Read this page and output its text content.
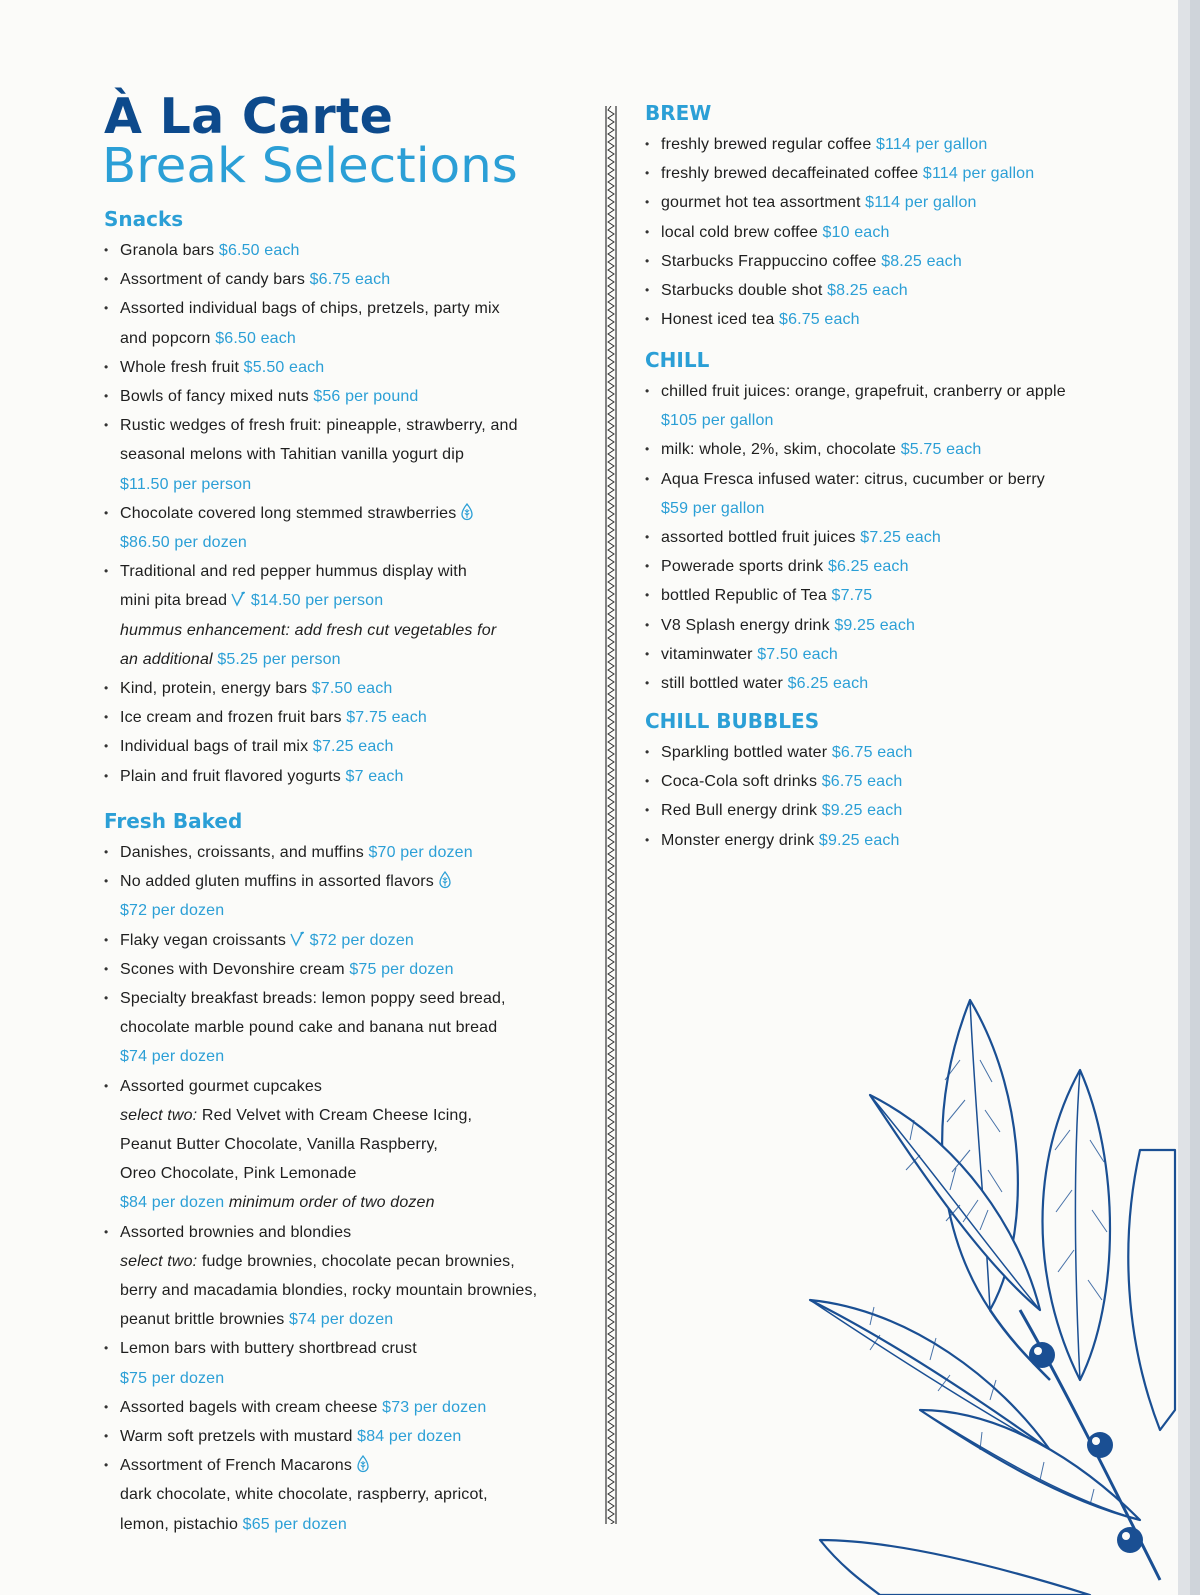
À La Carte
Break Selections
Snacks
• Granola bars $6.50 each
• Assortment of candy bars $6.75 each
• Assorted individual bags of chips, pretzels, party mix
and popcorn $6.50 each
• Whole fresh fruit $5.50 each
• Bowls of fancy mixed nuts $56 per pound
• Rustic wedges of fresh fruit: pineapple, strawberry, and
seasonal melons with Tahitian vanilla yogurt dip
$11.50 per person
• Chocolate covered long stemmed strawberries
$86.50 per dozen
• Traditional and red pepper hummus display with
mini pita bread $14.50 per person
hummus enhancement: add fresh cut vegetables for
an additional $5.25 per person
• Kind, protein, energy bars $7.50 each
• Ice cream and frozen fruit bars $7.75 each
• Individual bags of trail mix $7.25 each
• Plain and fruit flavored yogurts $7 each
Fresh Baked
• Danishes, croissants, and muffins $70 per dozen
• No added gluten muffins in assorted flavors
$72 per dozen
• Flaky vegan croissants $72 per dozen
• Scones with Devonshire cream $75 per dozen
• Specialty breakfast breads: lemon poppy seed bread,
chocolate marble pound cake and banana nut bread
$74 per dozen
• Assorted gourmet cupcakes
select two: Red Velvet with Cream Cheese Icing,
Peanut Butter Chocolate, Vanilla Raspberry,
Oreo Chocolate, Pink Lemonade
$84 per dozen minimum order of two dozen
• Assorted brownies and blondies
select two: fudge brownies, chocolate pecan brownies,
berry and macadamia blondies, rocky mountain brownies,
peanut brittle brownies $74 per dozen
• Lemon bars with buttery shortbread crust
$75 per dozen
• Assorted bagels with cream cheese $73 per dozen
• Warm soft pretzels with mustard $84 per dozen
• Assortment of French Macarons
dark chocolate, white chocolate, raspberry, apricot,
lemon, pistachio $65 per dozen
BREW
• freshly brewed regular coffee $114 per gallon
• freshly brewed decaffeinated coffee $114 per gallon
• gourmet hot tea assortment $114 per gallon
• local cold brew coffee $10 each
• Starbucks Frappuccino coffee $8.25 each
• Starbucks double shot $8.25 each
• Honest iced tea $6.75 each
CHILL
• chilled fruit juices: orange, grapefruit, cranberry or apple
$105 per gallon
• milk: whole, 2%, skim, chocolate $5.75 each
• Aqua Fresca infused water: citrus, cucumber or berry
$59 per gallon
• assorted bottled fruit juices $7.25 each
• Powerade sports drink $6.25 each
• bottled Republic of Tea $7.75
• V8 Splash energy drink $9.25 each
• vitaminwater $7.50 each
• still bottled water $6.25 each
CHILL BUBBLES
• Sparkling bottled water $6.75 each
• Coca-Cola soft drinks $6.75 each
• Red Bull energy drink $9.25 each
• Monster energy drink $9.25 each
